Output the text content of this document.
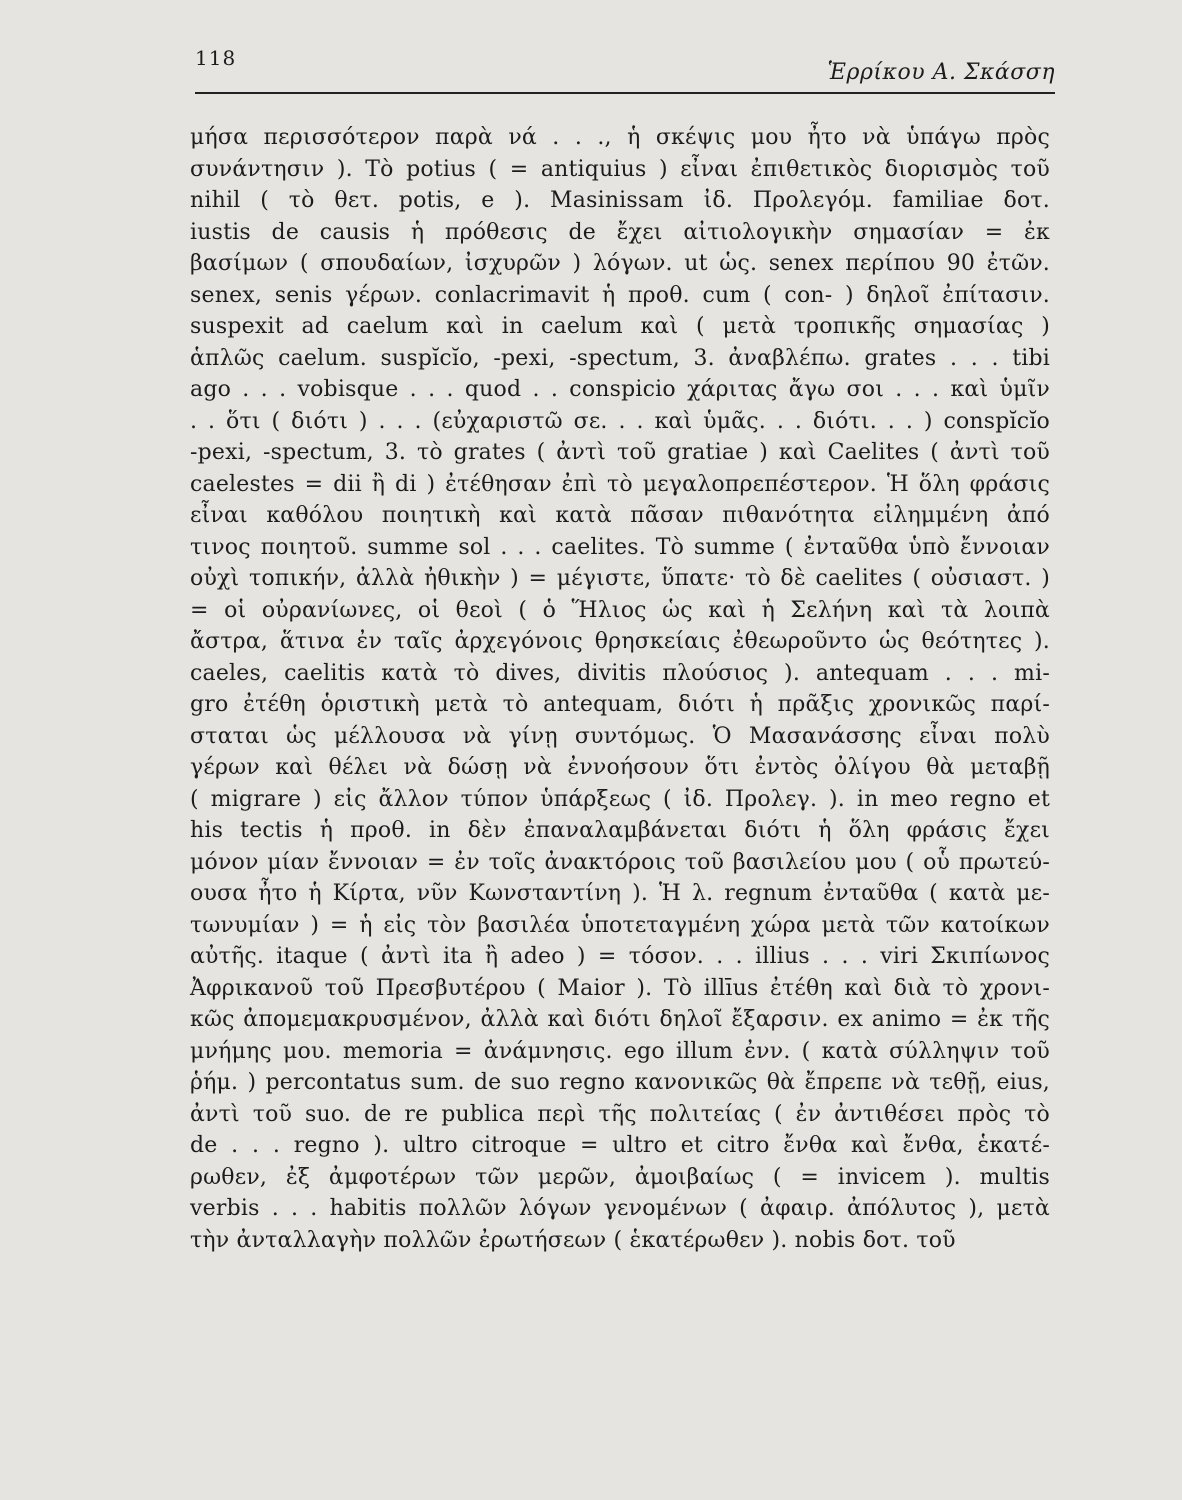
118
Ἑρρίκου Α. Σκάσση
μήσα περισσότερον παρὰ νά . . ., ἡ σκέψις μου ἦτο νὰ ὑπάγω πρὸς
συνάντησιν ). Τὸ potius ( = antiquius ) εἶναι ἐπιθετικὸς διορισμὸς τοῦ
nihil ( τὸ θετ. potis, e ). Masinissam ἰδ. Προλεγόμ. familiae δοτ.
iustis de causis ἡ πρόθεσις de ἔχει αἰτιολογικὴν σημασίαν = ἐκ
βασίμων ( σπουδαίων, ἰσχυρῶν ) λόγων. ut ὡς. senex περίπου 90 ἐτῶν.
senex, senis γέρων. conlacrimavit ἡ προθ. cum ( con- ) δηλοῖ ἐπίτασιν.
suspexit ad caelum καὶ in caelum καὶ ( μετὰ τροπικῆς σημασίας )
ἁπλῶς caelum. suspĭcĭo, -pexi, -spectum, 3. ἀναβλέπω. grates . . . tibi
ago . . . vobisque . . . quod . . conspicio χάριτας ἄγω σοι . . . καὶ ὑμῖν
. . ὅτι ( διότι ) . . . (εὐχαριστῶ σε. . . καὶ ὑμᾶς. . . διότι. . . ) conspĭcĭo
-pexi, -spectum, 3. τὸ grates ( ἀντὶ τοῦ gratiae ) καὶ Caelites ( ἀντὶ τοῦ
caelestes = dii ἢ di ) ἐτέθησαν ἐπὶ τὸ μεγαλοπρεπέστερον. Ἡ ὅλη φράσις
εἶναι καθόλου ποιητικὴ καὶ κατὰ πᾶσαν πιθανότητα εἰλημμένη ἀπό
τινος ποιητοῦ. summe sol . . . caelites. Τὸ summe ( ἐνταῦθα ὑπὸ ἔννοιαν
οὐχὶ τοπικήν, ἀλλὰ ἠθικὴν ) = μέγιστε, ὕπατε· τὸ δὲ caelites ( οὐσιαστ. )
= οἱ οὐρανίωνες, οἱ θεοὶ ( ὁ Ἥλιος ὡς καὶ ἡ Σελήνη καὶ τὰ λοιπὰ
ἄστρα, ἅτινα ἐν ταῖς ἀρχεγόνοις θρησκείαις ἐθεωροῦντο ὡς θεότητες ).
caeles, caelitis κατὰ τὸ dives, divitis πλούσιος ). antequam . . . mi-
gro ἐτέθη ὁριστικὴ μετὰ τὸ antequam, διότι ἡ πρᾶξις χρονικῶς παρί-
σταται ὡς μέλλουσα νὰ γίνῃ συντόμως. Ὁ Μασανάσσης εἶναι πολὺ
γέρων καὶ θέλει νὰ δώσῃ νὰ ἐννοήσουν ὅτι ἐντὸς ὀλίγου θὰ μεταβῇ
( migrare ) εἰς ἄλλον τύπον ὑπάρξεως ( ἰδ. Προλεγ. ). in meo regno et
his tectis ἡ προθ. in δὲν ἐπαναλαμβάνεται διότι ἡ ὅλη φράσις ἔχει
μόνον μίαν ἔννοιαν = ἐν τοῖς ἀνακτόροις τοῦ βασιλείου μου ( οὗ πρωτεύ-
ουσα ἦτο ἡ Κίρτα, νῦν Κωνσταντίνη ). Ἡ λ. regnum ἐνταῦθα ( κατὰ με-
τωνυμίαν ) = ἡ εἰς τὸν βασιλέα ὑποτεταγμένη χώρα μετὰ τῶν κατοίκων
αὐτῆς. itaque ( ἀντὶ ita ἢ adeo ) = τόσον. . . illius . . . viri Σκιπίωνος
Ἀφρικανοῦ τοῦ Πρεσβυτέρου ( Maior ). Τὸ illīus ἐτέθη καὶ διὰ τὸ χρονι-
κῶς ἀπομεμακρυσμένον, ἀλλὰ καὶ διότι δηλοῖ ἔξαρσιν. ex animo = ἐκ τῆς
μνήμης μου. memoria = ἀνάμνησις. ego illum ἐνν. ( κατὰ σύλληψιν τοῦ
ῥήμ. ) percontatus sum. de suo regno κανονικῶς θὰ ἔπρεπε νὰ τεθῇ, eius,
ἀντὶ τοῦ suo. de re publica περὶ τῆς πολιτείας ( ἐν ἀντιθέσει πρὸς τὸ
de . . . regno ). ultro citroque = ultro et citro ἔνθα καὶ ἔνθα, ἑκατέ-
ρωθεν, ἐξ ἀμφοτέρων τῶν μερῶν, ἀμοιβαίως ( = invicem ). multis
verbis . . . habitis πολλῶν λόγων γενομένων ( ἀφαιρ. ἀπόλυτος ), μετὰ
τὴν ἀνταλλαγὴν πολλῶν ἐρωτήσεων ( ἑκατέρωθεν ). nobis δοτ. τοῦ
